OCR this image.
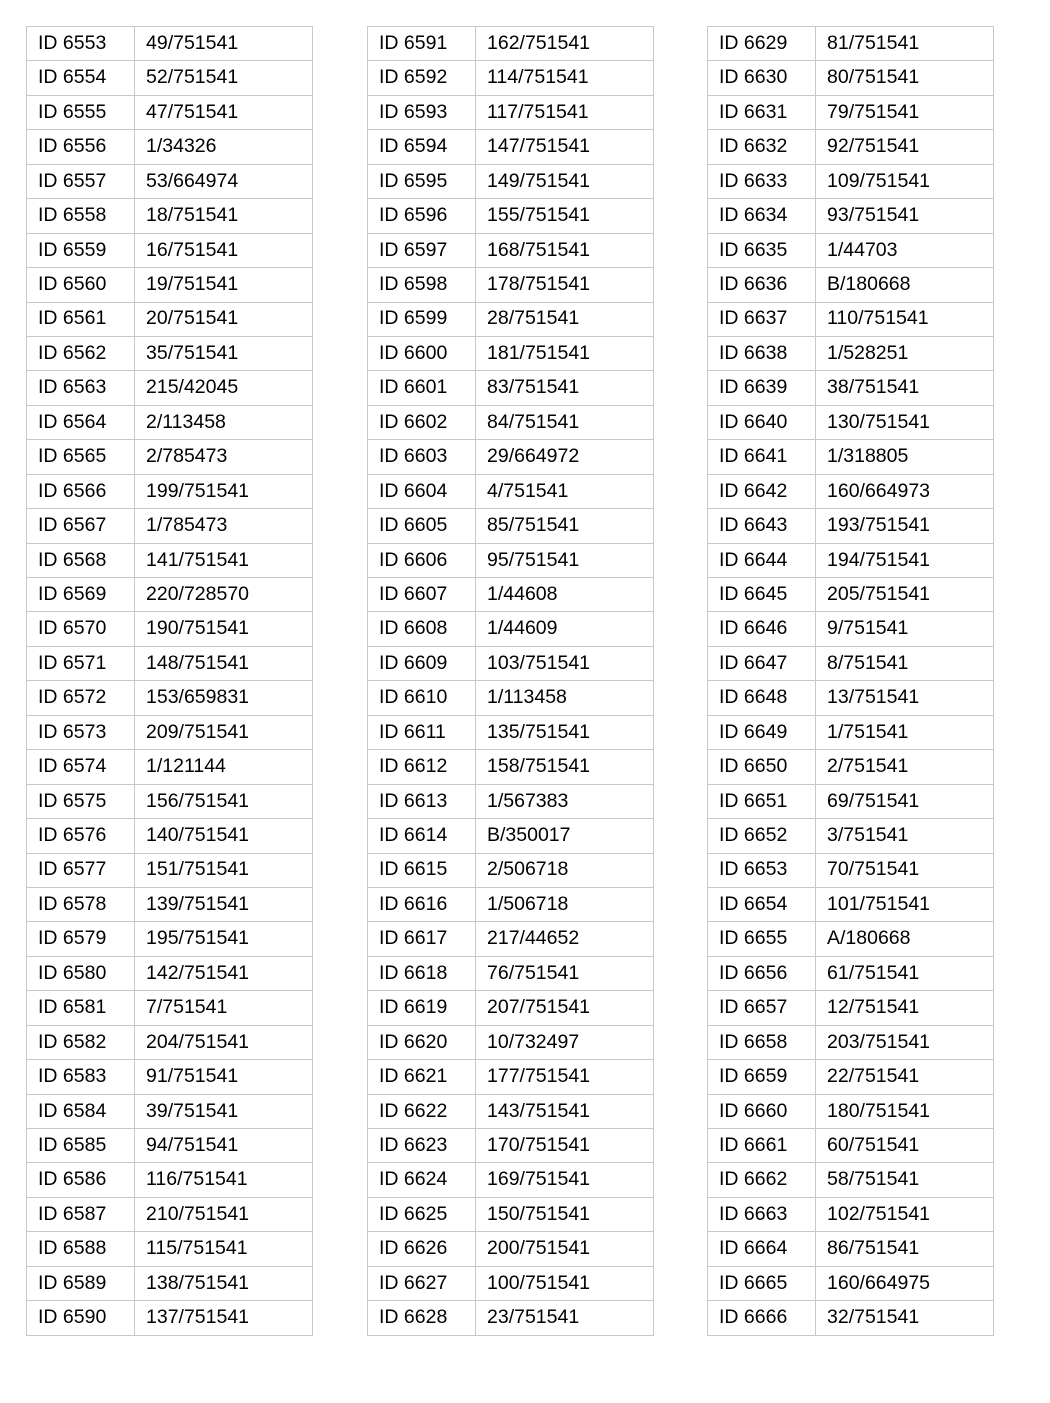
ID 6553	49/751541
ID 6554	52/751541
ID 6555	47/751541
ID 6556	1/34326
ID 6557	53/664974
ID 6558	18/751541
ID 6559	16/751541
ID 6560	19/751541
ID 6561	20/751541
ID 6562	35/751541
ID 6563	215/42045
ID 6564	2/113458
ID 6565	2/785473
ID 6566	199/751541
ID 6567	1/785473
ID 6568	141/751541
ID 6569	220/728570
ID 6570	190/751541
ID 6571	148/751541
ID 6572	153/659831
ID 6573	209/751541
ID 6574	1/121144
ID 6575	156/751541
ID 6576	140/751541
ID 6577	151/751541
ID 6578	139/751541
ID 6579	195/751541
ID 6580	142/751541
ID 6581	7/751541
ID 6582	204/751541
ID 6583	91/751541
ID 6584	39/751541
ID 6585	94/751541
ID 6586	116/751541
ID 6587	210/751541
ID 6588	115/751541
ID 6589	138/751541
ID 6590	137/751541
ID 6591	162/751541
ID 6592	114/751541
ID 6593	117/751541
ID 6594	147/751541
ID 6595	149/751541
ID 6596	155/751541
ID 6597	168/751541
ID 6598	178/751541
ID 6599	28/751541
ID 6600	181/751541
ID 6601	83/751541
ID 6602	84/751541
ID 6603	29/664972
ID 6604	4/751541
ID 6605	85/751541
ID 6606	95/751541
ID 6607	1/44608
ID 6608	1/44609
ID 6609	103/751541
ID 6610	1/113458
ID 6611	135/751541
ID 6612	158/751541
ID 6613	1/567383
ID 6614	B/350017
ID 6615	2/506718
ID 6616	1/506718
ID 6617	217/44652
ID 6618	76/751541
ID 6619	207/751541
ID 6620	10/732497
ID 6621	177/751541
ID 6622	143/751541
ID 6623	170/751541
ID 6624	169/751541
ID 6625	150/751541
ID 6626	200/751541
ID 6627	100/751541
ID 6628	23/751541
ID 6629	81/751541
ID 6630	80/751541
ID 6631	79/751541
ID 6632	92/751541
ID 6633	109/751541
ID 6634	93/751541
ID 6635	1/44703
ID 6636	B/180668
ID 6637	110/751541
ID 6638	1/528251
ID 6639	38/751541
ID 6640	130/751541
ID 6641	1/318805
ID 6642	160/664973
ID 6643	193/751541
ID 6644	194/751541
ID 6645	205/751541
ID 6646	9/751541
ID 6647	8/751541
ID 6648	13/751541
ID 6649	1/751541
ID 6650	2/751541
ID 6651	69/751541
ID 6652	3/751541
ID 6653	70/751541
ID 6654	101/751541
ID 6655	A/180668
ID 6656	61/751541
ID 6657	12/751541
ID 6658	203/751541
ID 6659	22/751541
ID 6660	180/751541
ID 6661	60/751541
ID 6662	58/751541
ID 6663	102/751541
ID 6664	86/751541
ID 6665	160/664975
ID 6666	32/751541
